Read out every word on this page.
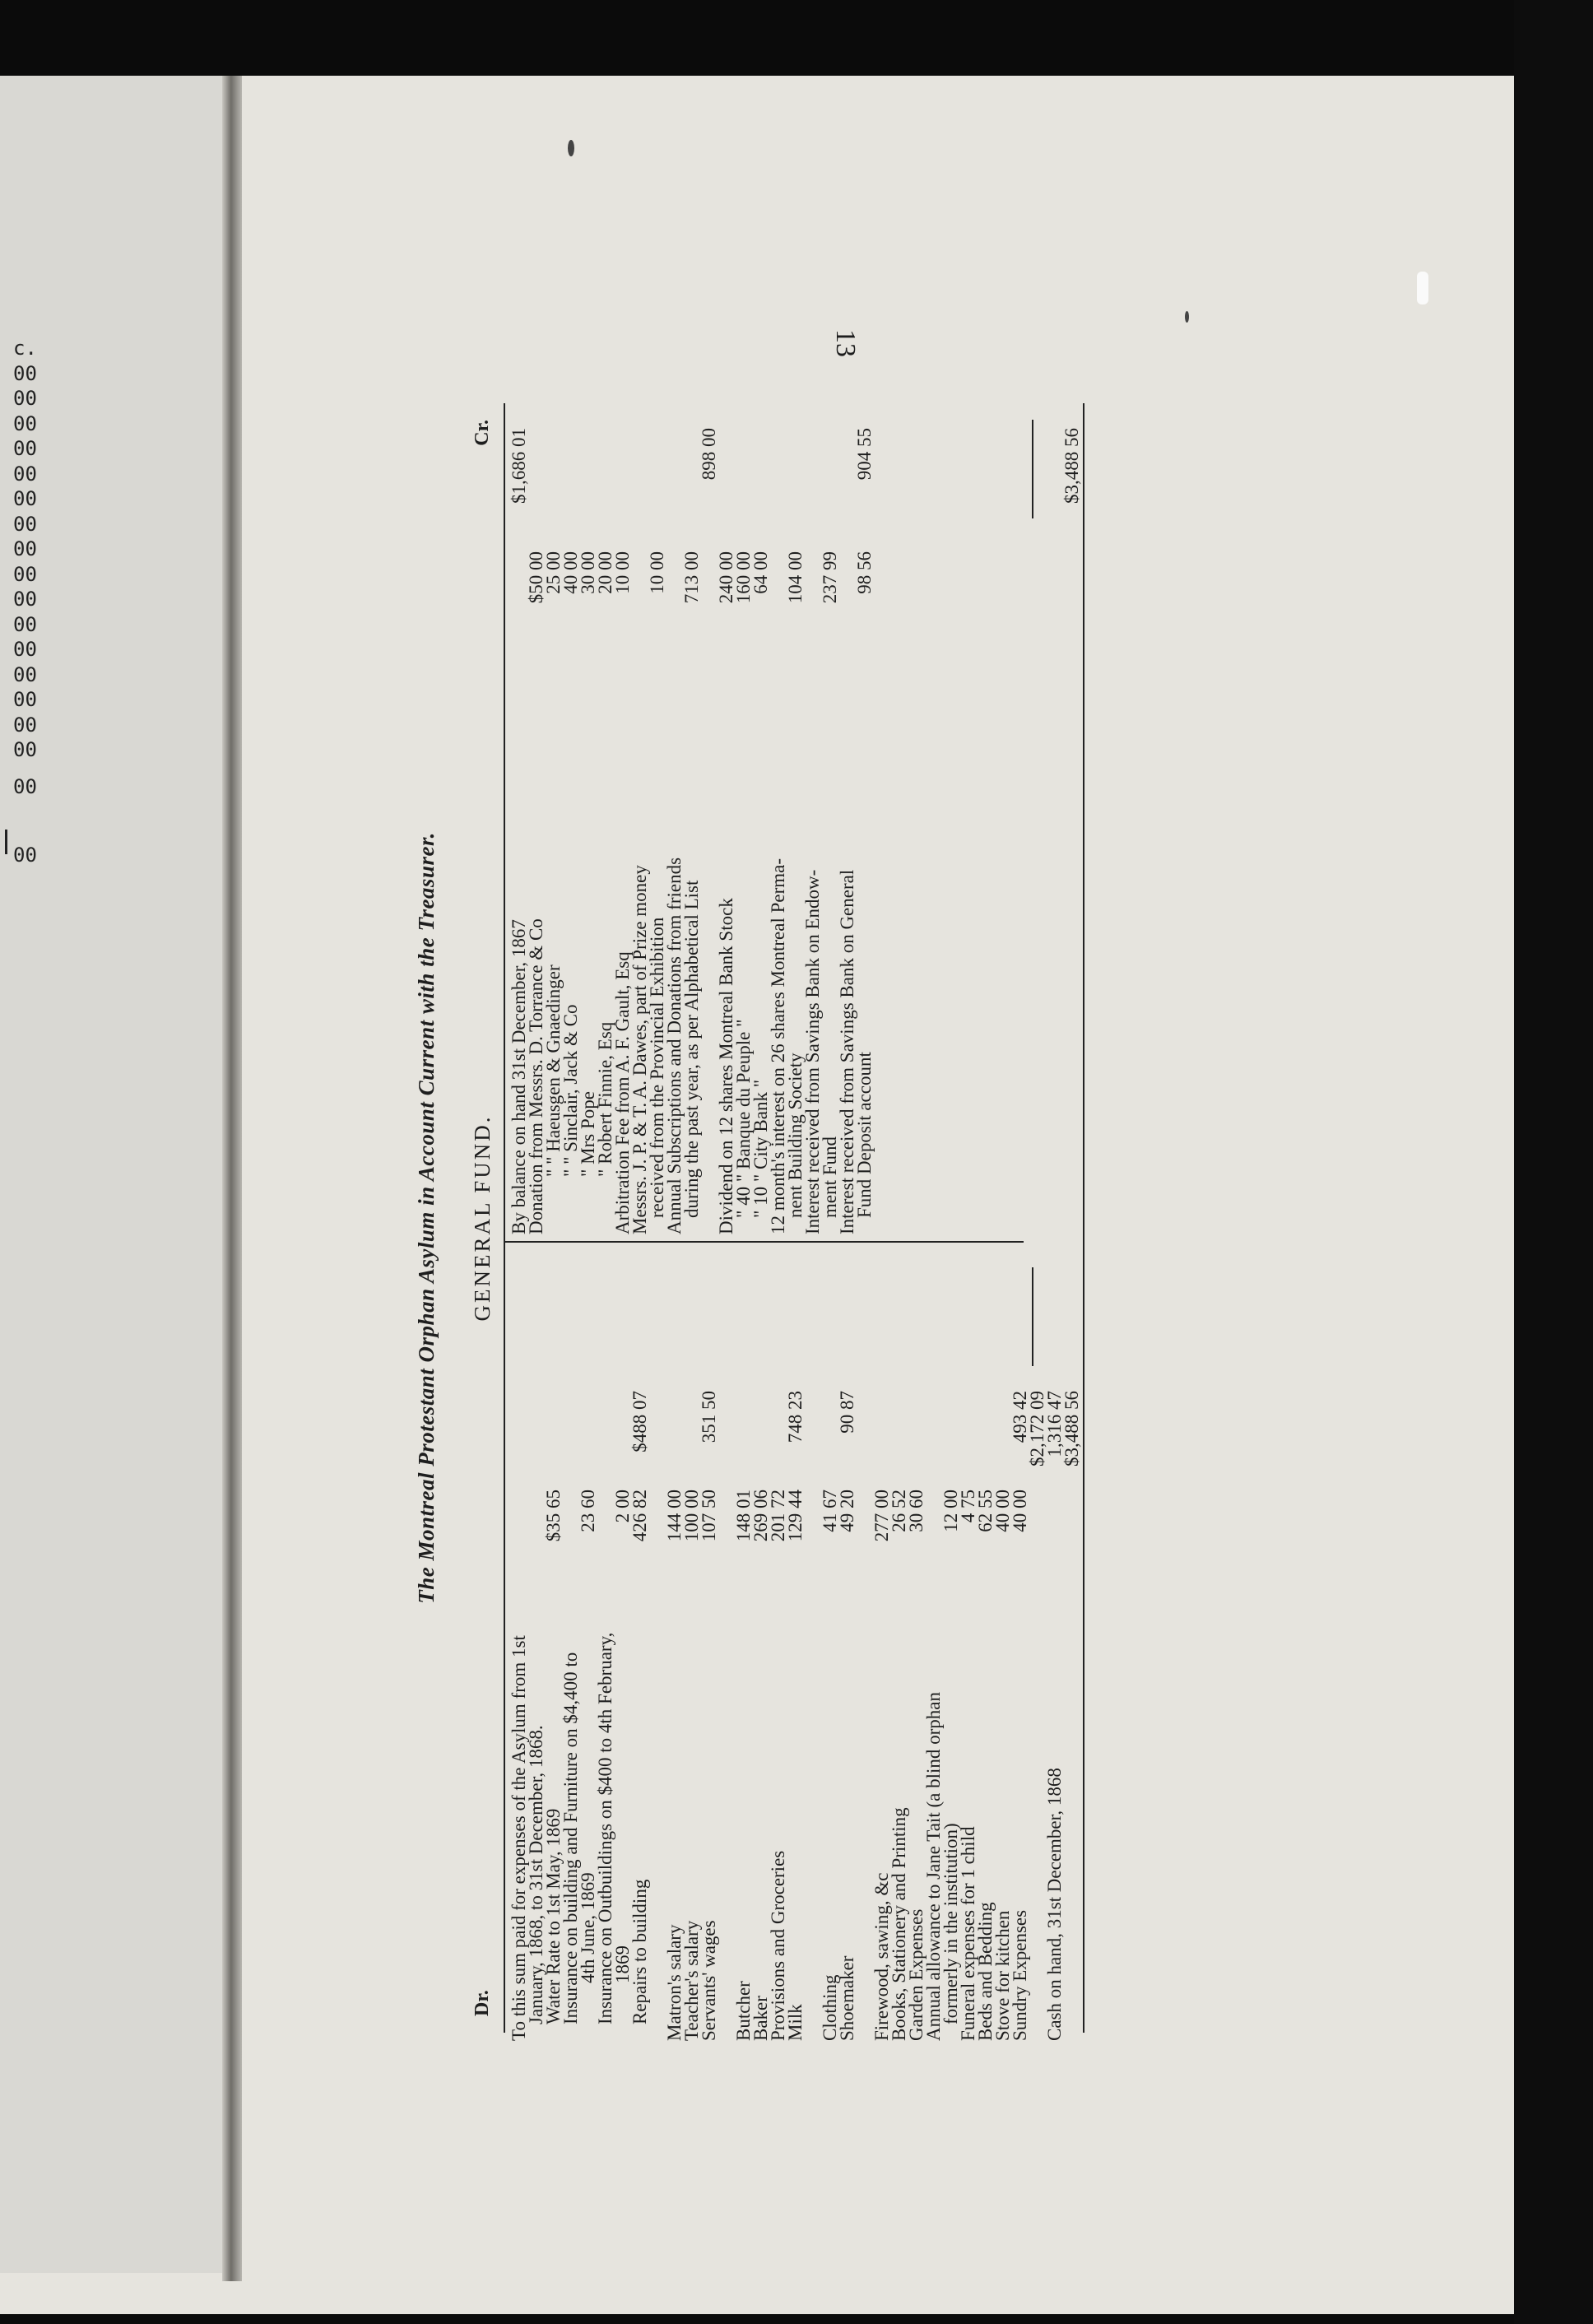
c.
00
00
00
00
00
00
00
00
00
00
00
00
00
00
00
00
00
00
13
The Montreal Protestant Orphan Asylum in Account Current with the Treasurer.
Dr.
GENERAL FUND.
Cr.
To this sum paid for expenses of the Asylum from 1st
January, 1868, to 31st December, 1868.
Water Rate to 1st May, 1869
$35 65
Insurance on building and Furniture on $4,400 to
4th June, 1869
23 60
Insurance on Outbuildings on $400 to 4th February,
1869
2 00
Repairs to building
426 82
$488 07
Matron's salary
144 00
Teacher's salary
100 00
Servants' wages
107 50
351 50
Butcher
148 01
Baker
269 06
Provisions and Groceries
201 72
Milk
129 44
748 23
Clothing
41 67
Shoemaker
49 20
90 87
Firewood, sawing, &c
277 00
Books, Stationery and Printing
26 52
Garden Expenses
30 60
Annual allowance to Jane Tait (a blind orphan
formerly in the institution)
12 00
Funeral expenses for 1 child
4 75
Beds and Bedding
62 55
Stove for kitchen
40 00
Sundry Expenses
40 00
493 42
$2,172 09
Cash on hand, 31st December, 1868
1,316 47
$3,488 56
By balance on hand 31st December, 1867
$1,686 01
Donation from Messrs. D. Torrance & Co
$50 00
" " Haeusgen & Gnaedinger
25 00
" " Sinclair, Jack & Co
40 00
" Mrs Pope
30 00
" Robert Finnie, Esq
20 00
Arbitration Fee from A. F. Gault, Esq
10 00
Messrs. J. P. & T. A. Dawes, part of Prize money
received from the Provincial Exhibition
10 00
Annual Subscriptions and Donations from friends
during the past year, as per Alphabetical List
713 00
898 00
Dividend on 12 shares Montreal Bank Stock
240 00
" 40 " Banque du Peuple "
160 00
" 10 " City Bank "
64 00
12 month's interest on 26 shares Montreal Perma-
nent Building Society
104 00
Interest received from Savings Bank on Endow-
ment Fund
237 99
Interest received from Savings Bank on General
Fund Deposit account
98 56
904 55	$3,488 56
